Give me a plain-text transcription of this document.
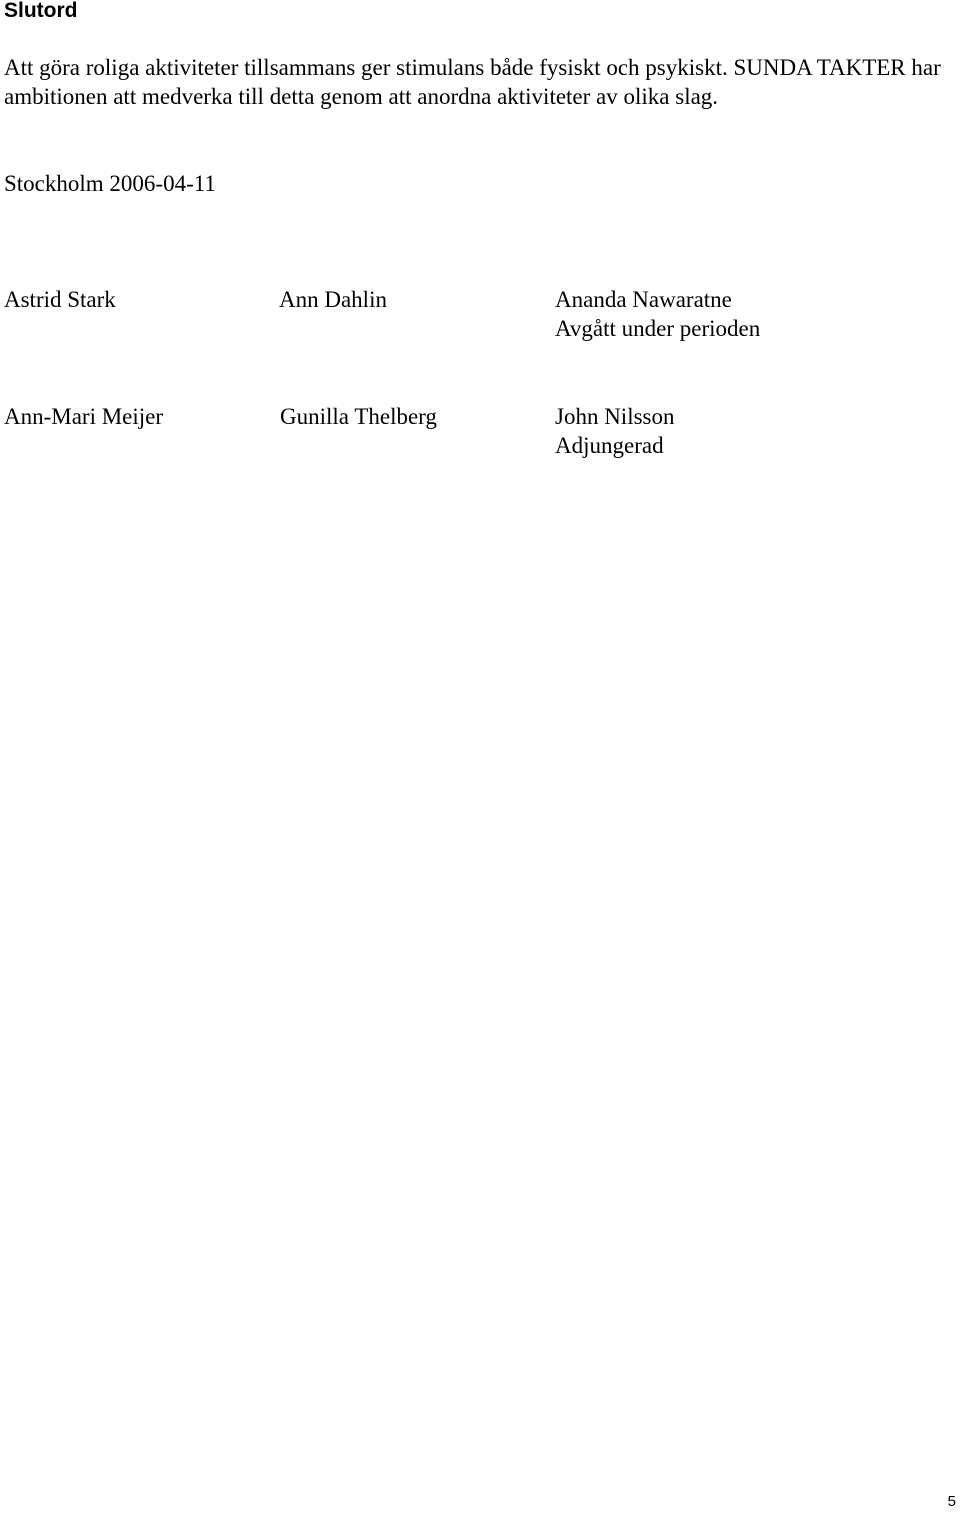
Slutord

Att göra roliga aktiviteter tillsammans ger stimulans både fysiskt och psykiskt. SUNDA TAKTER har ambitionen att medverka till detta genom att anordna aktiviteter av olika slag.

Stockholm 2006-04-11

Astrid Stark	Ann Dahlin	Ananda Nawaratne
Avgått under perioden
Ann-Mari Meijer	Gunilla Thelberg	John Nilsson
Adjungerad
5
